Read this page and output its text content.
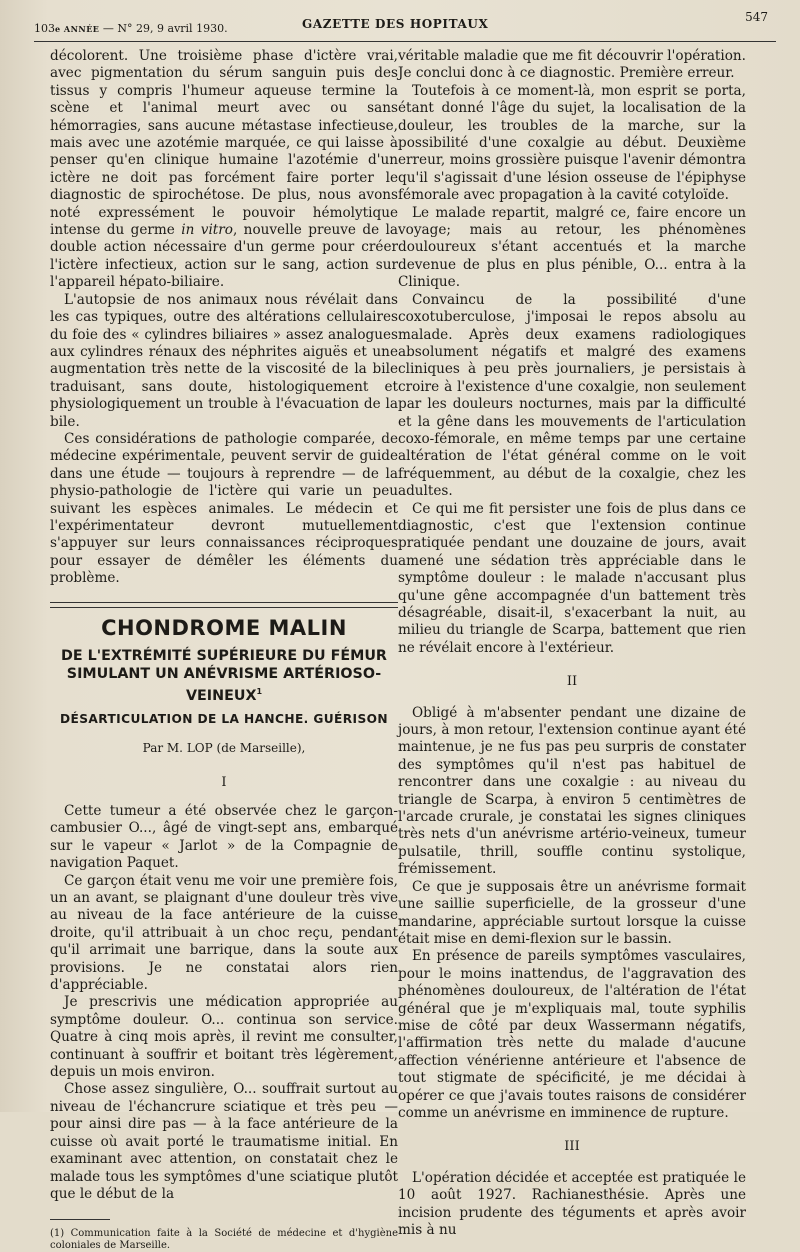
103e ANNÉE — N° 29, 9 avril 1930.	GAZETTE DES HOPITAUX	547

décolorent. Une troisième phase d'ictère vrai, avec pigmentation du sérum sanguin puis des tissus y compris l'humeur aqueuse termine la scène et l'animal meurt avec ou sans hémorragies, sans aucune métastase infectieuse, mais avec une azotémie marquée, ce qui laisse à penser qu'en clinique humaine l'azotémie d'un ictère ne doit pas forcément faire porter le diagnostic de spirochétose. De plus, nous avons noté expressément le pouvoir hémolytique intense du germe in vitro, nouvelle preuve de la double action nécessaire d'un germe pour créer l'ictère infectieux, action sur le sang, action sur l'appareil hépato-biliaire.

L'autopsie de nos animaux nous révélait dans les cas typiques, outre des altérations cellulaires du foie des « cylindres biliaires » assez analogues aux cylindres rénaux des néphrites aiguës et une augmentation très nette de la viscosité de la bile traduisant, sans doute, histologiquement et physiologiquement un trouble à l'évacuation de la bile.

Ces considérations de pathologie comparée, de médecine expérimentale, peuvent servir de guide dans une étude — toujours à reprendre — de la physio-pathologie de l'ictère qui varie un peu suivant les espèces animales. Le médecin et l'expérimentateur devront mutuellement s'appuyer sur leurs connaissances réciproques pour essayer de démêler les éléments du problème.

CHONDROME MALIN
DE L'EXTRÉMITÉ SUPÉRIEURE DU FÉMUR SIMULANT UN ANÉVRISME ARTÉRIOSO-VEINEUX$^1$
DÉSARTICULATION DE LA HANCHE. GUÉRISON
Par M. LOP (de Marseille),
I

Cette tumeur a été observée chez le garçon-cambusier O..., âgé de vingt-sept ans, embarqué sur le vapeur « Jarlot » de la Compagnie de navigation Paquet.

Ce garçon était venu me voir une première fois, un an avant, se plaignant d'une douleur très vive au niveau de la face antérieure de la cuisse droite, qu'il attribuait à un choc reçu, pendant qu'il arrimait une barrique, dans la soute aux provisions. Je ne constatai alors rien d'appréciable.

Je prescrivis une médication appropriée au symptôme douleur. O... continua son service. Quatre à cinq mois après, il revint me consulter, continuant à souffrir et boitant très légèrement, depuis un mois environ.

Chose assez singulière, O... souffrait surtout au niveau de l'échancrure sciatique et très peu — pour ainsi dire pas — à la face antérieure de la cuisse où avait porté le traumatisme initial. En examinant avec attention, on constatait chez le malade tous les symptômes d'une sciatique plutôt que le début de la

(1) Communication faite à la Société de médecine et d'hygiène coloniales de Marseille.

véritable maladie que me fit découvrir l'opération. Je conclui donc à ce diagnostic. Première erreur.

Toutefois à ce moment-là, mon esprit se porta, étant donné l'âge du sujet, la localisation de la douleur, les troubles de la marche, sur la possibilité d'une coxalgie au début. Deuxième erreur, moins grossière puisque l'avenir démontra qu'il s'agissait d'une lésion osseuse de l'épiphyse fémorale avec propagation à la cavité cotyloïde.

Le malade repartit, malgré ce, faire encore un voyage; mais au retour, les phénomènes douloureux s'étant accentués et la marche devenue de plus en plus pénible, O... entra à la Clinique.

Convaincu de la possibilité d'une coxotuberculose, j'imposai le repos absolu au malade. Après deux examens radiologiques absolument négatifs et malgré des examens cliniques à peu près journaliers, je persistais à croire à l'existence d'une coxalgie, non seulement par les douleurs nocturnes, mais par la difficulté et la gêne dans les mouvements de l'articulation coxo-fémorale, en même temps par une certaine altération de l'état général comme on le voit fréquemment, au début de la coxalgie, chez les adultes.

Ce qui me fit persister une fois de plus dans ce diagnostic, c'est que l'extension continue pratiquée pendant une douzaine de jours, avait amené une sédation très appréciable dans le symptôme douleur : le malade n'accusant plus qu'une gêne accompagnée d'un battement très désagréable, disait-il, s'exacerbant la nuit, au milieu du triangle de Scarpa, battement que rien ne révélait encore à l'extérieur.

II

Obligé à m'absenter pendant une dizaine de jours, à mon retour, l'extension continue ayant été maintenue, je ne fus pas peu surpris de constater des symptômes qu'il n'est pas habituel de rencontrer dans une coxalgie : au niveau du triangle de Scarpa, à environ 5 centimètres de l'arcade crurale, je constatai les signes cliniques très nets d'un anévrisme artério-veineux, tumeur pulsatile, thrill, souffle continu systolique, frémissement.

Ce que je supposais être un anévrisme formait une saillie superficielle, de la grosseur d'une mandarine, appréciable surtout lorsque la cuisse était mise en demi-flexion sur le bassin.

En présence de pareils symptômes vasculaires, pour le moins inattendus, de l'aggravation des phénomènes douloureux, de l'altération de l'état général que je m'expliquais mal, toute syphilis mise de côté par deux Wassermann négatifs, l'affirmation très nette du malade d'aucune affection vénérienne antérieure et l'absence de tout stigmate de spécificité, je me décidai à opérer ce que j'avais toutes raisons de considérer comme un anévrisme en imminence de rupture.

III

L'opération décidée et acceptée est pratiquée le 10 août 1927. Rachianesthésie. Après une incision prudente des téguments et après avoir mis à nu
